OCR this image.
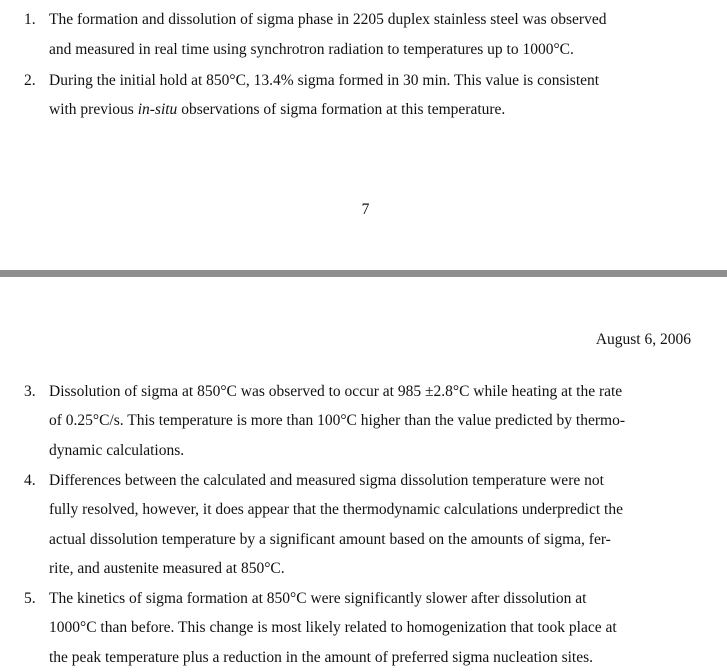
1. The formation and dissolution of sigma phase in 2205 duplex stainless steel was observed
and measured in real time using synchrotron radiation to temperatures up to 1000°C.
2. During the initial hold at 850°C, 13.4% sigma formed in 30 min. This value is consistent
with previous in-situ observations of sigma formation at this temperature.
7
August 6, 2006
3. Dissolution of sigma at 850°C was observed to occur at 985 ±2.8°C while heating at the rate
of 0.25°C/s. This temperature is more than 100°C higher than the value predicted by thermo-
dynamic calculations.
4. Differences between the calculated and measured sigma dissolution temperature were not
fully resolved, however, it does appear that the thermodynamic calculations underpredict the
actual dissolution temperature by a significant amount based on the amounts of sigma, fer-
rite, and austenite measured at 850°C.
5. The kinetics of sigma formation at 850°C were significantly slower after dissolution at
1000°C than before. This change is most likely related to homogenization that took place at
the peak temperature plus a reduction in the amount of preferred sigma nucleation sites.
